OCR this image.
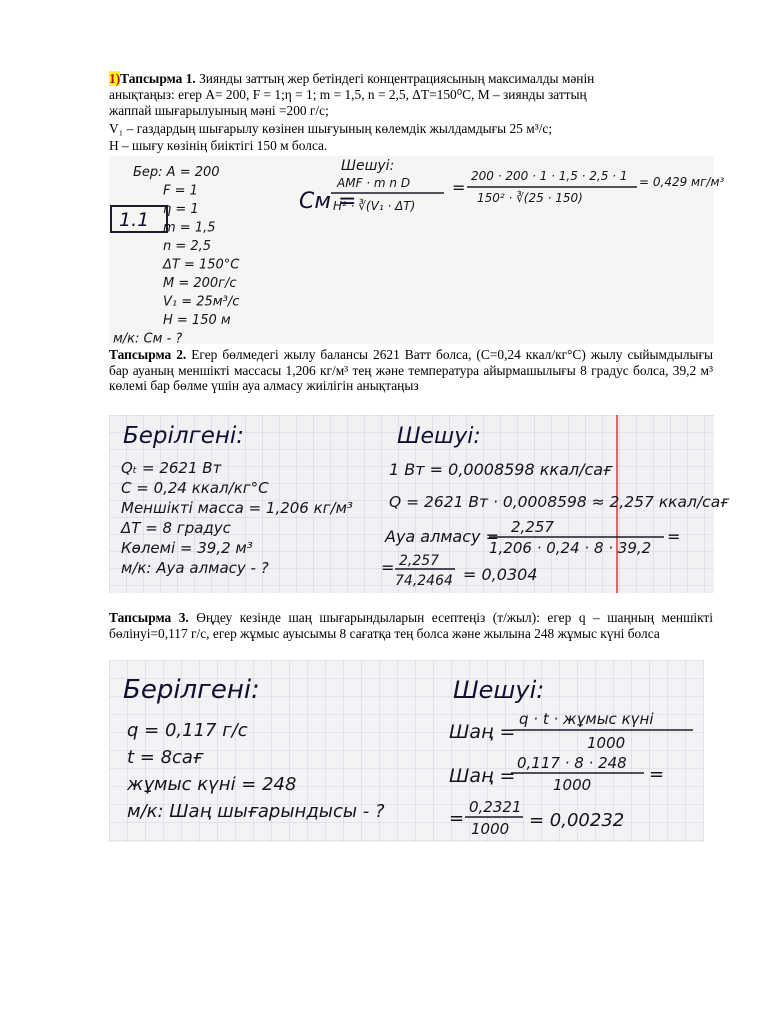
1)Тапсырма 1. Зиянды заттың жер бетіндегі концентрациясының максималды мәнін
анықтаңыз: егер А= 200, F = 1;η = 1; m = 1,5, n = 2,5, ΔT=150⁰C, М – зиянды заттың
жаппай шығарылуының мәні =200 г/с;
V₁ – газдардың шығарылу көзінен шығуының көлемдік жылдамдығы 25 м³/с;
Н – шығу көзінің биіктігі 150 м болса.
Бер: A = 200
F = 1
η = 1
m = 1,5
n = 2,5
ΔT = 150°C
M = 200г/с
V₁ = 25м³/с
H = 150 м
м/к: Cм - ?
1.1
Шешуі:
Cм =
AMF · m n D
H² · ∛(V₁ · ΔT)
=
200 · 200 · 1 · 1,5 · 2,5 · 1
150² · ∛(25 · 150)
= 0,429 мг/м³
Тапсырма 2. Егер бөлмедегі жылу балансы 2621 Ватт болса, (С=0,24 ккал/кг°С) жылу сыйымдылығы бар ауаның меншікті массасы 1,206 кг/м³ тең және температура айырмашылығы 8 градус болса, 39,2 м³ көлемі бар бөлме үшін ауа алмасу жиілігін анықтаңыз
Берілгені:
Qₜ = 2621 Вт
C = 0,24 ккал/кг°C
Меншікті масса = 1,206 кг/м³
ΔT = 8 градус
Көлемі = 39,2 м³
м/к: Ауа алмасу - ?
Шешуі:
1 Вт = 0,0008598 ккал/сағ
Q = 2621 Вт · 0,0008598 ≈ 2,257 ккал/сағ
Ауа алмасу = 2,257
1,206 · 0,24 · 8 · 39,2
=
= 2,257
74,2464 = 0,0304
Тапсырма 3. Өңдеу кезінде шаң шығарындыларын есептеңіз (т/жыл): егер q – шаңның меншікті бөлінуі=0,117 г/с, егер жұмыс ауысымы 8 сағатқа тең болса және жылына 248 жұмыс күні болса
Берілгені:
q = 0,117 г/с
t = 8сағ
жұмыс күні = 248
м/к: Шаң шығарындысы - ?
Шешуі:
Шаң =
q · t · жұмыс күні
1000
Шаң =
0,117 · 8 · 248
1000	=
=
0,2321
1000 = 0,00232
